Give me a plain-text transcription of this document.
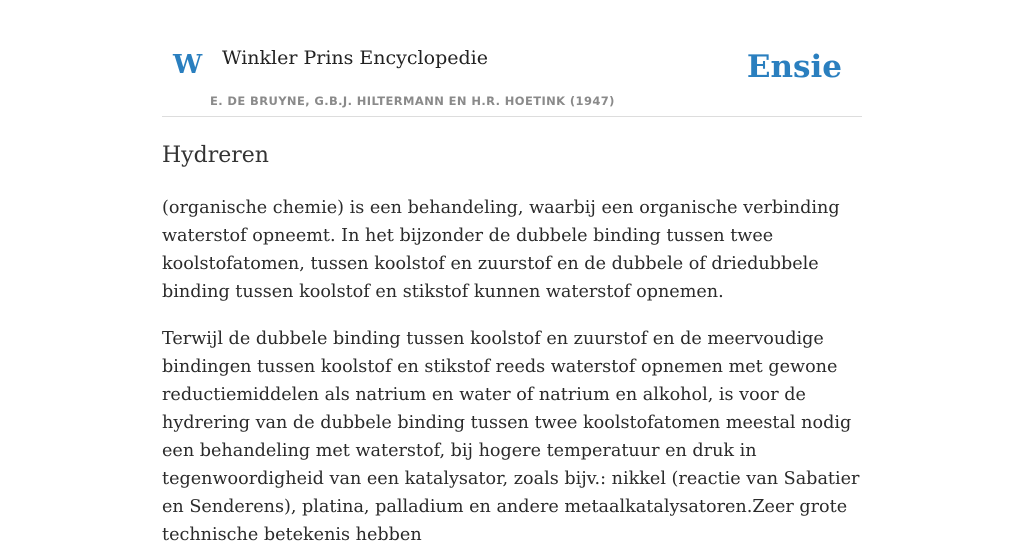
W Winkler Prins Encyclopedie
E. DE BRUYNE, G.B.J. HILTERMANN EN H.R. HOETINK (1947)
Ensie
Hydreren

(organische chemie) is een behandeling, waarbij een organische verbinding waterstof opneemt. In het bijzonder de dubbele binding tussen twee koolstofatomen, tussen koolstof en zuurstof en de dubbele of driedubbele binding tussen koolstof en stikstof kunnen waterstof opnemen.

Terwijl de dubbele binding tussen koolstof en zuurstof en de meervoudige bindingen tussen koolstof en stikstof reeds waterstof opnemen met gewone reductiemiddelen als natrium en water of natrium en alkohol, is voor de hydrering van de dubbele binding tussen twee koolstofatomen meestal nodig een behandeling met waterstof, bij hogere temperatuur en druk in tegenwoordigheid van een katalysator, zoals bijv.: nikkel (reactie van Sabatier en Senderens), platina, palladium en andere metaalkatalysatoren.Zeer grote technische betekenis hebben
